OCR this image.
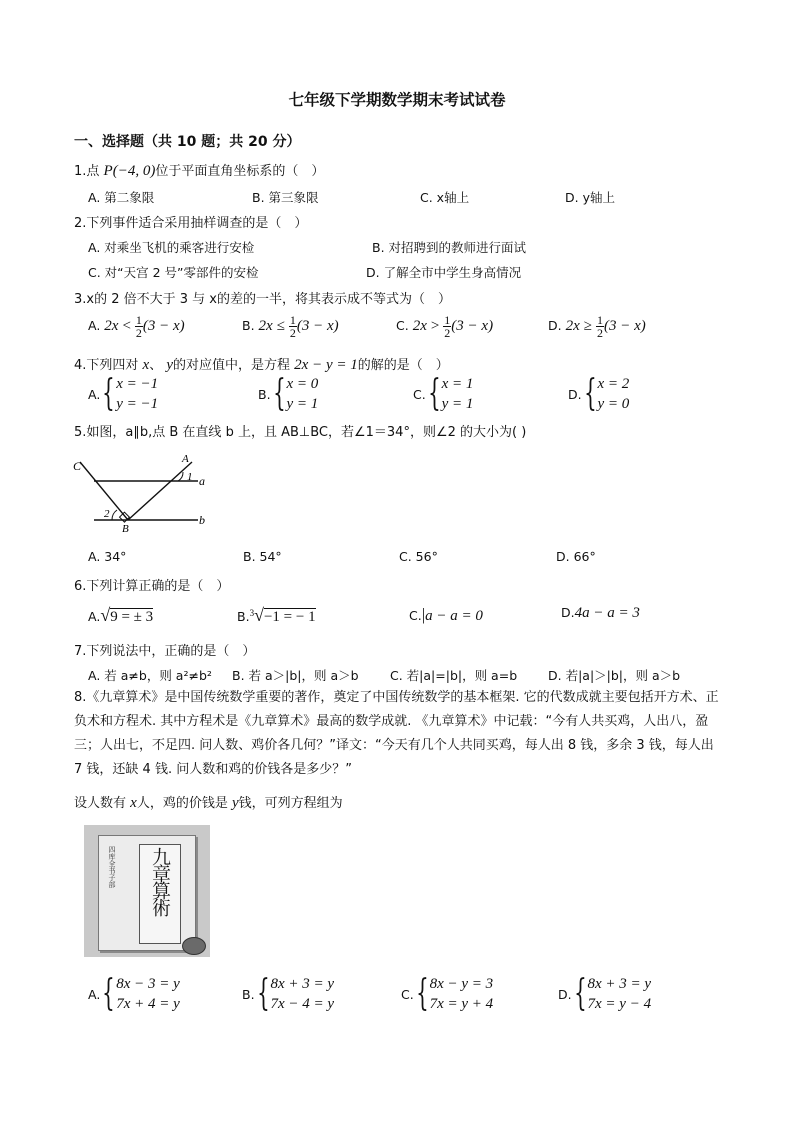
七年级下学期数学期末考试试卷
一、选择题（共 10 题；共 20 分）
1.点 P(−4, 0)位于平面直角坐标系的（　）
A. 第二象限	B. 第三象限	C. x轴上	D. y轴上
2.下列事件适合采用抽样调查的是（　）
A. 对乘坐飞机的乘客进行安检	B. 对招聘到的教师进行面试
C. 对“天宫 2 号”零部件的安检	D. 了解全市中学生身高情况
3.x的 2 倍不大于 3 与 x的差的一半，将其表示成不等式为（　）
A. $2x < \frac{1}{2} (3 - x)$	B. $2x \le \frac{1}{2} (3 - x)$	C. $2x > \frac{1}{2} (3 - x)$	D. $2x \ge \frac{1}{2} (3 - x)$
4.下列四对 x、 y的对应值中，是方程 2x − y = 1的解的是（　）
A. { x = −1
y = −1
B. { x = 0
y = 1
C. { x = 1
y = 1
D. { x = 2
y = 0
5.如图，a∥b,点 B 在直线 b 上，且 AB⊥BC，若∠1＝34°，则∠2 的大小为( )
C	A
a
b
B
1
2
A. 34°	B. 54°	C. 56°	D. 66°
6.下列计算正确的是（　）
A.√9 = ± 3	B.$^3$√−1 = − 1	C.|a − a = 0	D.4a − a = 3
7.下列说法中，正确的是（　）
A. 若 a≠b，则 a²≠b² B. 若 a＞|b|，则 a＞b	C. 若|a|=|b|，则 a=b D. 若|a|＞|b|，则 a＞b
8.《九章算术》是中国传统数学重要的著作，奠定了中国传统数学的基本框架. 它的代数成就主要包括开方术、正负术和方程术. 其中方程术是《九章算术》最高的数学成就. 《九章算术》中记载：“今有人共买鸡，人出八，盈三；人出七，不足四. 问人数、鸡价各几何？”译文：“今天有几个人共同买鸡，每人出 8 钱，多余 3 钱，每人出 7 钱，还缺 4 钱. 问人数和鸡的价钱各是多少？”
设人数有 x人，鸡的价钱是 y钱，可列方程组为
四库全书子部	九章算術
A. { 8x − 3 = y
7x + 4 = y
B. { 8x + 3 = y
7x − 4 = y
C. { 8x − y = 3
7x = y + 4
D. { 8x + 3 = y
7x = y − 4
